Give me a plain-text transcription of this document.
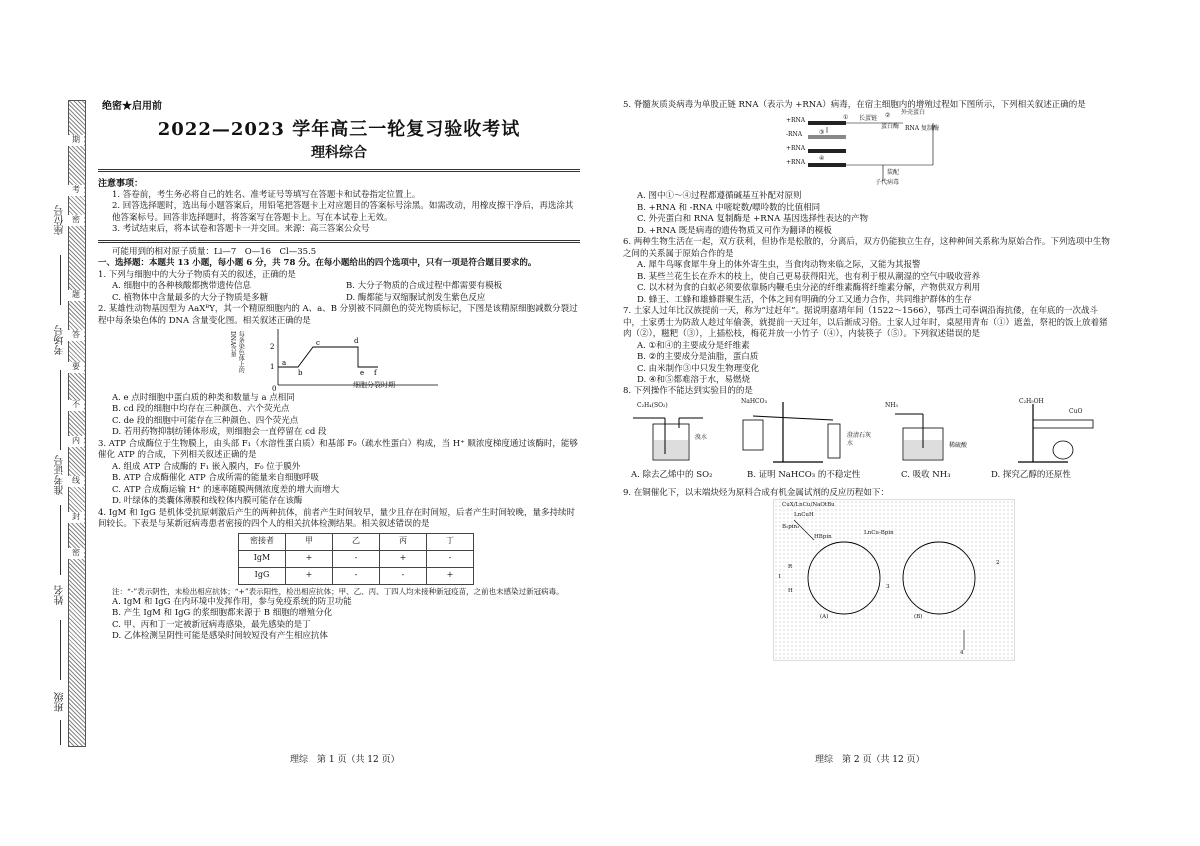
期
考
密
题
答
要
不
内
线
封
密
座位号
考场号
准考证号
姓名
班级
绝密★启用前
2022—2023 学年高三一轮复习验收考试
理科综合

注意事项：

1. 答卷前，考生务必将自己的姓名、准考证号等填写在答题卡和试卷指定位置上。

2. 回答选择题时，选出每小题答案后，用铅笔把答题卡上对应题目的答案标号涂黑。如需改动，用橡皮擦干净后，再选涂其他答案标号。回答非选择题时，将答案写在答题卡上。写在本试卷上无效。

3. 考试结束后，将本试卷和答题卡一并交回。来源：高三答案公众号

可能用到的相对原子质量：Li—7　O—16　Cl—35.5

一、选择题：本题共 13 小题，每小题 6 分，共 78 分。在每小题给出的四个选项中，只有一项是符合题目要求的。

1. 下列与细胞中的大分子物质有关的叙述，正确的是

A. 细胞中的各种核酸都携带遗传信息	B. 大分子物质的合成过程中都需要有模板
C. 植物体中含量最多的大分子物质是多糖	D. 酶都能与双缩脲试剂发生紫色反应

2. 某雄性动物基因型为 AaXᴮY，其一个精原细胞内的 A、a、B 分别被不同颜色的荧光物质标记，下图是该精原细胞减数分裂过程中每条染色体的 DNA 含量变化图。相关叙述正确的是

1
2
a
b
c	d
e f
0
每条染色体上的DNA含量
细胞分裂时期

A. e 点时细胞中蛋白质的种类和数量与 a 点相同

B. cd 段的细胞中均存在三种颜色、六个荧光点

C. de 段的细胞中可能存在三种颜色、四个荧光点

D. 若用药物抑制纺锤体形成，则细胞会一直停留在 cd 段

3. ATP 合成酶位于生物膜上，由头部 F₁（水溶性蛋白质）和基部 F₀（疏水性蛋白）构成，当 H⁺ 顺浓度梯度通过该酶时，能够催化 ATP 的合成，下列相关叙述正确的是

A. 组成 ATP 合成酶的 F₁ 嵌入膜内，F₀ 位于膜外

B. ATP 合成酶催化 ATP 合成所需的能量来自细胞呼吸

C. ATP 合成酶运输 H⁺ 的速率随膜两侧浓度差的增大而增大

D. 叶绿体的类囊体薄膜和线粒体内膜可能存在该酶

4. IgM 和 IgG 是机体受抗原刺激后产生的两种抗体，前者产生时间较早，量少且存在时间短，后者产生时间较晚，量多持续时间较长。下表是与某新冠病毒患者密接的四个人的相关抗体检测结果。相关叙述错误的是

密接者	甲	乙	丙	丁
IgM	+	-	+	-
IgG	+	-	-	+

注：“-”表示阴性，未检出相应抗体；“+”表示阳性，检出相应抗体；甲、乙、丙、丁四人均未接种新冠疫苗，之前也未感染过新冠病毒。

A. IgM 和 IgG 在内环境中发挥作用，参与免疫系统的防卫功能

B. 产生 IgM 和 IgG 的浆细胞都来源于 B 细胞的增殖分化

C. 甲、丙和丁一定被新冠病毒感染，最先感染的是丁

D. 乙体检测呈阴性可能是感染时间较短没有产生相应抗体

理综　第 1 页（共 12 页）

5. 脊髓灰质炎病毒为单股正链 RNA（表示为 +RNA）病毒，在宿主细胞内的增殖过程如下图所示，下列相关叙述正确的是

+RNA
-RNA
+RNA
+RNA
长蛋链
外壳蛋白
蛋白酶 RNA 复制酶
装配
子代病毒
①	②
③
④

A. 图中①～④过程都遵循碱基互补配对原则

B. +RNA 和 -RNA 中嘧啶数/嘌呤数的比值相同

C. 外壳蛋白和 RNA 复制酶是 +RNA 基因选择性表达的产物

D. +RNA 既是病毒的遗传物质又可作为翻译的模板

6. 两种生物生活在一起，双方获利，但协作是松散的，分离后，双方仍能独立生存，这种种间关系称为原始合作。下列选项中生物之间的关系属于原始合作的是

A. 犀牛鸟啄食犀牛身上的体外寄生虫，当食肉动物来临之际，又能为其报警

B. 某些兰花生长在乔木的枝上，使自己更易获得阳光，也有利于根从潮湿的空气中吸收营养

C. 以木材为食的白蚁必须要依靠肠内鞭毛虫分泌的纤维素酶将纤维素分解，产物供双方利用

D. 蜂王、工蜂和雄蜂群聚生活，个体之间有明确的分工又通力合作，共同维护群体的生存

7. 土家人过年比汉族提前一天，称为“过赶年”。据说明嘉靖年间（1522～1566），鄂西土司奉调沿海抗倭，在年底的一次战斗中，土家勇士为防敌人趁过年偷袭，就提前一天过年，以后渐成习俗。土家人过年时，桌屋用青布（①）遮盖，祭祀的饭上放着猪肉（②），糍粑（③），上插松枝，梅花并放一小竹子（④），内装筷子（⑤）。下列叙述错误的是

A. ①和④的主要成分是纤维素

B. ②的主要成分是油脂，蛋白质

C. 由米制作③中只发生物理变化

D. ④和⑤都难溶于水，易燃烧

8. 下列操作不能达到实验目的的是

C₂H₄(SO₂)
NaHCO₃
NH₃
C₂H₅OH
CuO
溴水	澄清石灰水	稀硫酸
A. 除去乙烯中的 SO₂	B. 证明 NaHCO₃ 的不稳定性	C. 吸收 NH₃	D. 探究乙醇的还原性

9. 在铜催化下，以末端炔烃为原料合成有机金属试剂的反应历程如下：

CuX/LnCu/NaOtBu
LnCuH
B₂pin₂
HBpin
LnCu-Bpin
(A)	(B)
1
2
3
4
R
H
理综　第 2 页（共 12 页）
